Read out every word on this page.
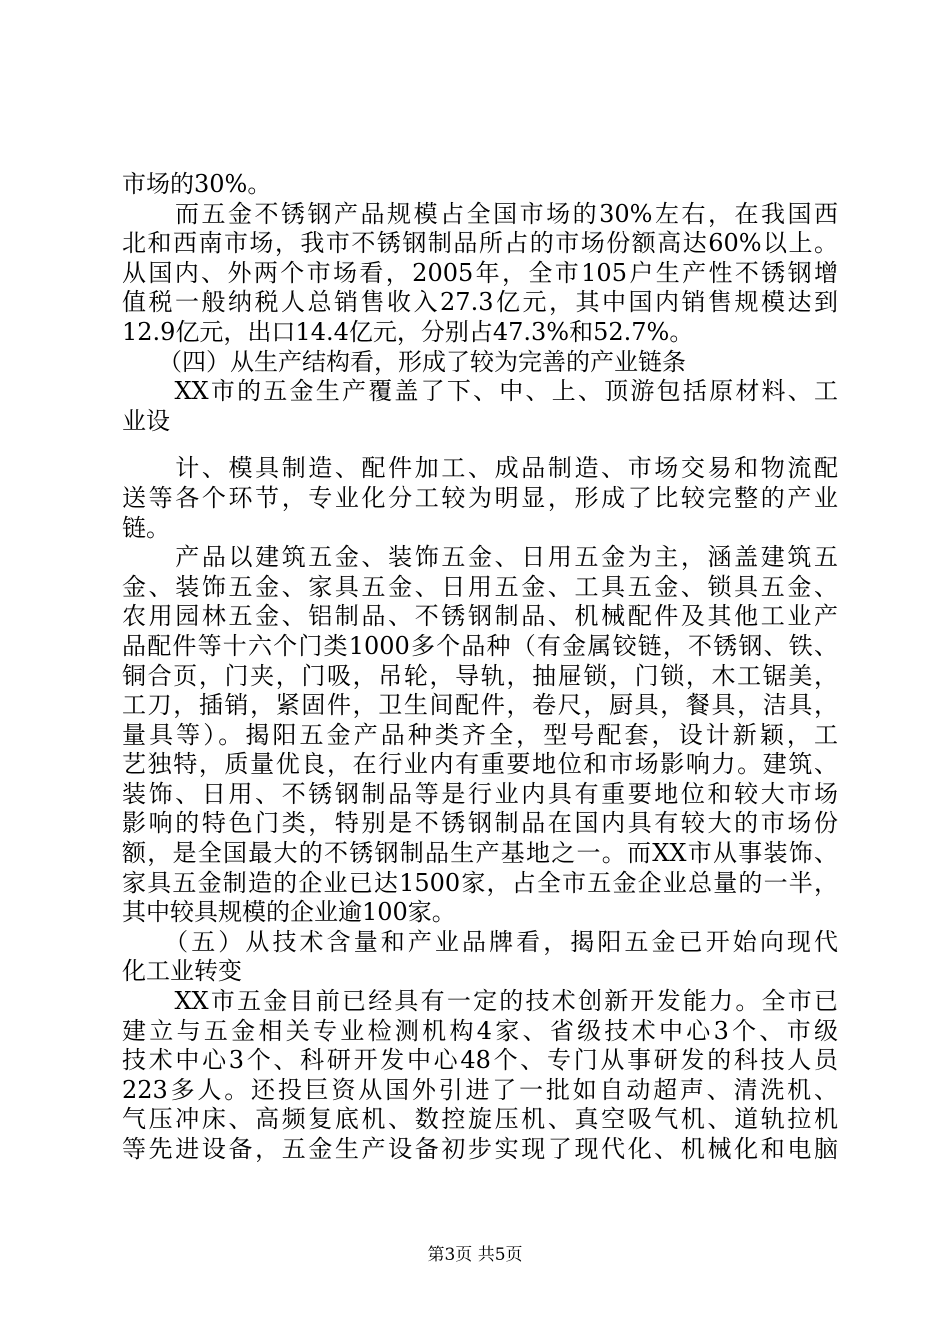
市场的30%。
　　而五金不锈钢产品规模占全国市场的30%左右，在我国西
北和西南市场，我市不锈钢制品所占的市场份额高达60%以上。
从国内、外两个市场看，2005年，全市105户生产性不锈钢增
值税一般纳税人总销售收入27.3亿元，其中国内销售规模达到
12.9亿元，出口14.4亿元，分别占47.3%和52.7%。
　　（四）从生产结构看，形成了较为完善的产业链条
　　XX市的五金生产覆盖了下、中、上、顶游包括原材料、工
业设
　　计、模具制造、配件加工、成品制造、市场交易和物流配
送等各个环节，专业化分工较为明显，形成了比较完整的产业
链。
　　产品以建筑五金、装饰五金、日用五金为主，涵盖建筑五
金、装饰五金、家具五金、日用五金、工具五金、锁具五金、
农用园林五金、铝制品、不锈钢制品、机械配件及其他工业产
品配件等十六个门类1000多个品种（有金属铰链，不锈钢、铁、
铜合页，门夹，门吸，吊轮，导轨，抽屉锁，门锁，木工锯美，
工刀，插销，紧固件，卫生间配件，卷尺，厨具，餐具，洁具，
量具等）。揭阳五金产品种类齐全，型号配套，设计新颖，工
艺独特，质量优良，在行业内有重要地位和市场影响力。建筑、
装饰、日用、不锈钢制品等是行业内具有重要地位和较大市场
影响的特色门类，特别是不锈钢制品在国内具有较大的市场份
额，是全国最大的不锈钢制品生产基地之一。而XX市从事装饰、
家具五金制造的企业已达1500家，占全市五金企业总量的一半，
其中较具规模的企业逾100家。
　　（五）从技术含量和产业品牌看，揭阳五金已开始向现代
化工业转变
　　XX市五金目前已经具有一定的技术创新开发能力。全市已
建立与五金相关专业检测机构4家、省级技术中心3个、市级
技术中心3个、科研开发中心48个、专门从事研发的科技人员
223多人。还投巨资从国外引进了一批如自动超声、清洗机、
气压冲床、高频复底机、数控旋压机、真空吸气机、道轨拉机
等先进设备，五金生产设备初步实现了现代化、机械化和电脑
第3页 共5页
